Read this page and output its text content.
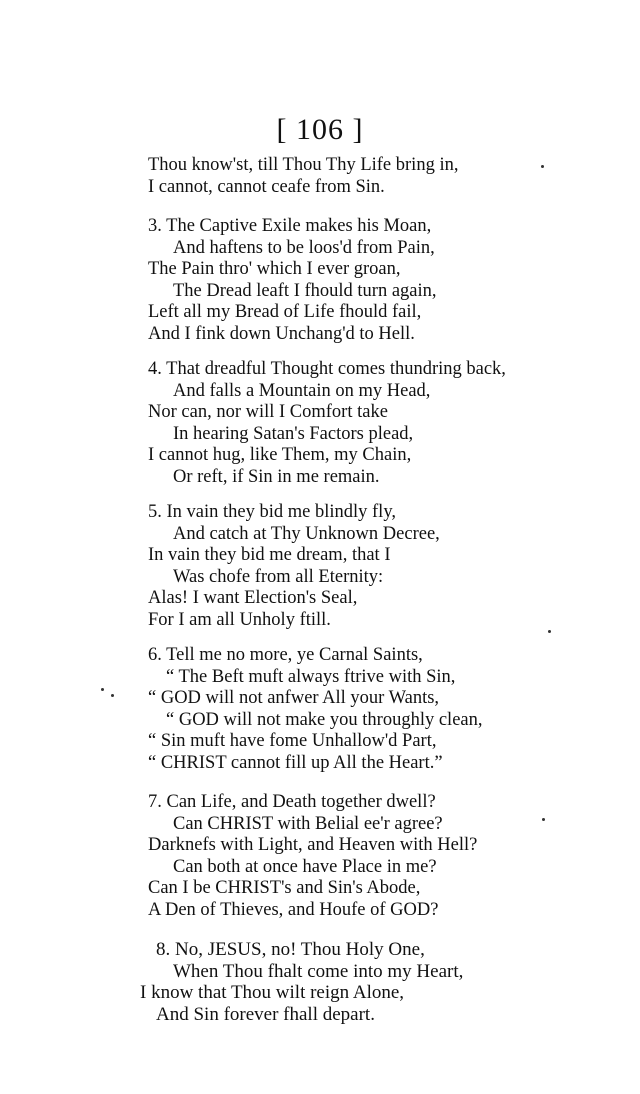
[ 106 ]
Thou know'st, till Thou Thy Life bring in,
I cannot, cannot ceafe from Sin.
3. The Captive Exile makes his Moan,
And haftens to be loos'd from Pain,
The Pain thro' which I ever groan,
The Dread leaft I fhould turn again,
Left all my Bread of Life fhould fail,
And I fink down Unchang'd to Hell.
4. That dreadful Thought comes thundring back,
And falls a Mountain on my Head,
Nor can, nor will I Comfort take
In hearing Satan's Factors plead,
I cannot hug, like Them, my Chain,
Or reft, if Sin in me remain.
5. In vain they bid me blindly fly,
And catch at Thy Unknown Decree,
In vain they bid me dream, that I
Was chofe from all Eternity:
Alas! I want Election's Seal,
For I am all Unholy ftill.
6. Tell me no more, ye Carnal Saints,
“ The Beft muft always ftrive with Sin,
“ GOD will not anfwer All your Wants,
“ GOD will not make you throughly clean,
“ Sin muft have fome Unhallow'd Part,
“ CHRIST cannot fill up All the Heart.”
7. Can Life, and Death together dwell?
Can CHRIST with Belial ee'r agree?
Darknefs with Light, and Heaven with Hell?
Can both at once have Place in me?
Can I be CHRIST's and Sin's Abode,
A Den of Thieves, and Houfe of GOD?
8. No, JESUS, no! Thou Holy One,
When Thou fhalt come into my Heart,
I know that Thou wilt reign Alone,
And Sin forever fhall depart.
